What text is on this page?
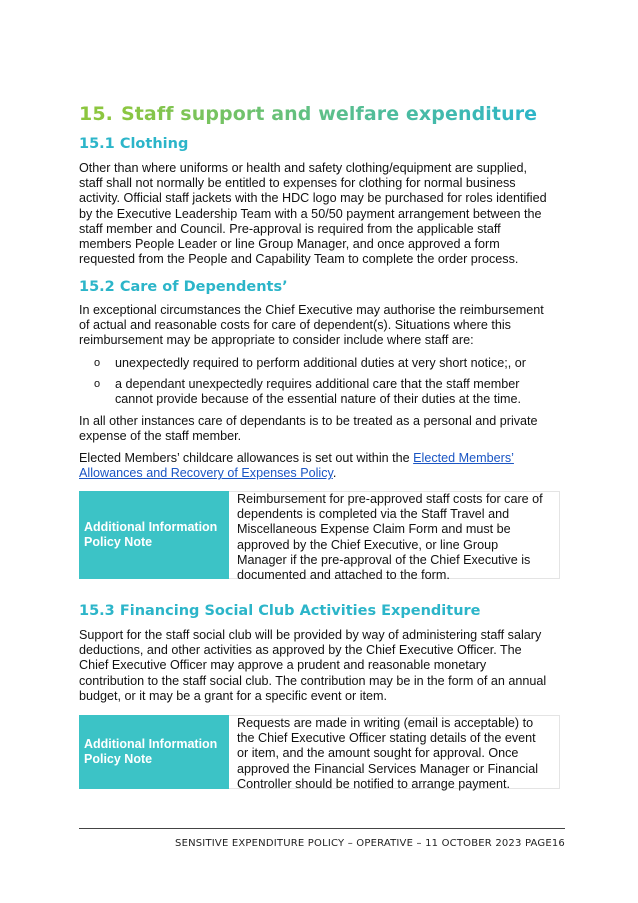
15. Staff support and welfare expenditure
15.1 Clothing

Other than where uniforms or health and safety clothing/equipment are supplied,
staff shall not normally be entitled to expenses for clothing for normal business
activity. Official staff jackets with the HDC logo may be purchased for roles identified
by the Executive Leadership Team with a 50/50 payment arrangement between the
staff member and Council. Pre-approval is required from the applicable staff
members People Leader or line Group Manager, and once approved a form
requested from the People and Capability Team to complete the order process.

15.2 Care of Dependents’

In exceptional circumstances the Chief Executive may authorise the reimbursement
of actual and reasonable costs for care of dependent(s). Situations where this
reimbursement may be appropriate to consider include where staff are:

o unexpectedly required to perform additional duties at very short notice;, or
o a dependant unexpectedly requires additional care that the staff member
cannot provide because of the essential nature of their duties at the time.

In all other instances care of dependants is to be treated as a personal and private
expense of the staff member.

Elected Members’ childcare allowances is set out within the Elected Members’
Allowances and Recovery of Expenses Policy.

Additional Information
Policy Note
Reimbursement for pre-approved staff costs for care of
dependents is completed via the Staff Travel and
Miscellaneous Expense Claim Form and must be
approved by the Chief Executive, or line Group
Manager if the pre-approval of the Chief Executive is
documented and attached to the form.
15.3 Financing Social Club Activities Expenditure

Support for the staff social club will be provided by way of administering staff salary
deductions, and other activities as approved by the Chief Executive Officer. The
Chief Executive Officer may approve a prudent and reasonable monetary
contribution to the staff social club. The contribution may be in the form of an annual
budget, or it may be a grant for a specific event or item.

Additional Information
Policy Note
Requests are made in writing (email is acceptable) to
the Chief Executive Officer stating details of the event
or item, and the amount sought for approval. Once
approved the Financial Services Manager or Financial
Controller should be notified to arrange payment.
SENSITIVE EXPENDITURE POLICY – OPERATIVE – 11 OCTOBER 2023 PAGE16
